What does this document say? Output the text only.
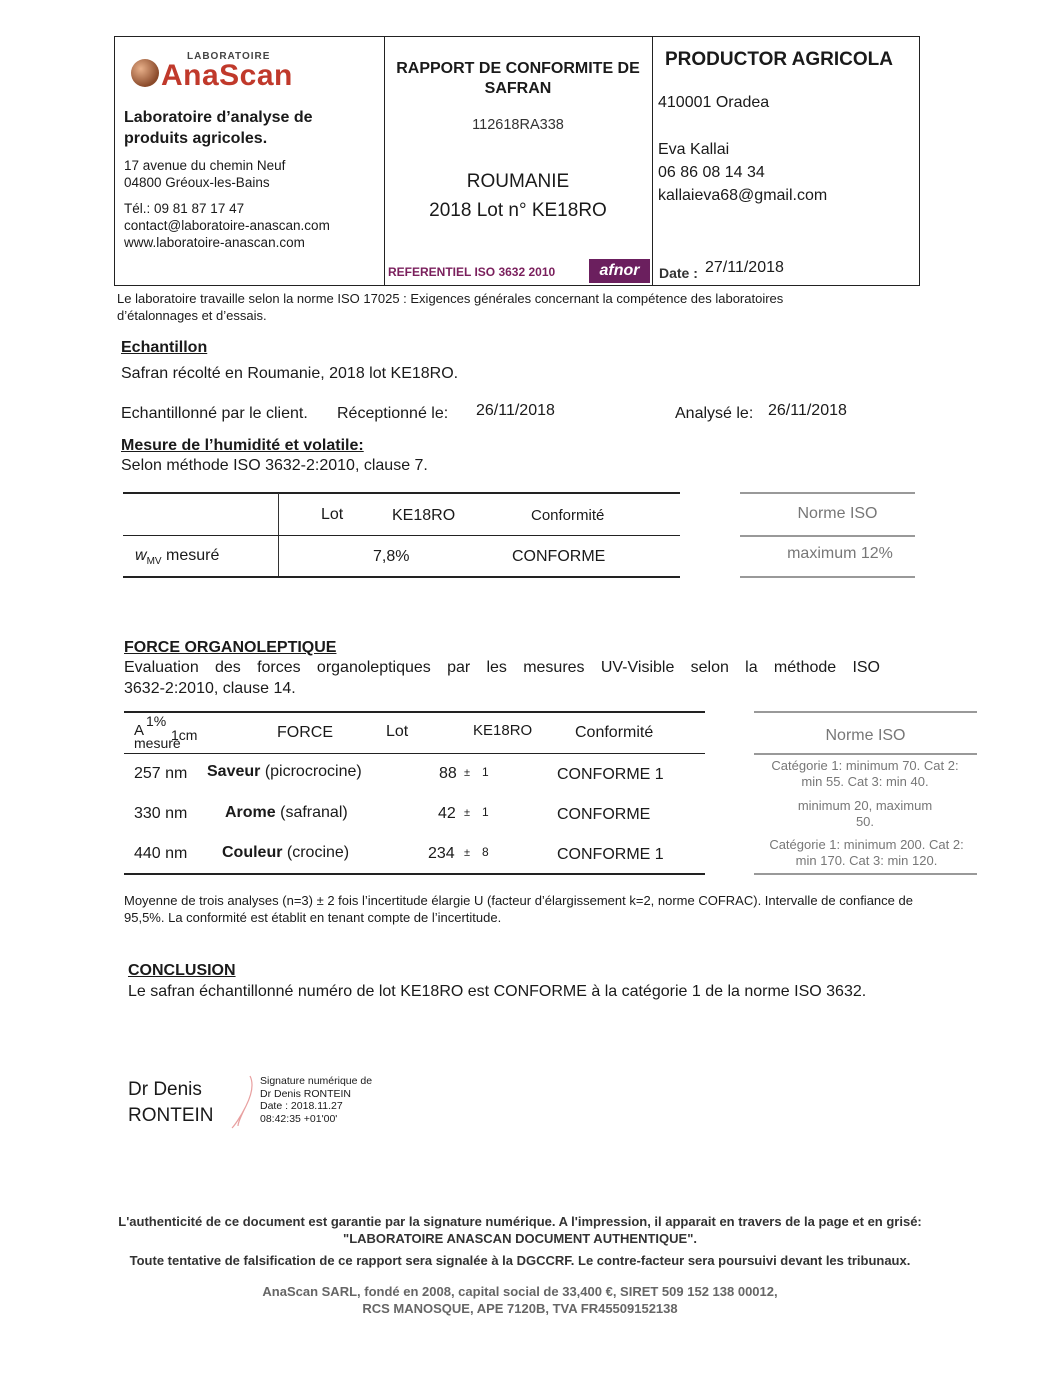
LABORATOIRE
AnaScan
Laboratoire d’analyse de produits agricoles.
17 avenue du chemin Neuf
04800 Gréoux-les-Bains
Tél.: 09 81 87 17 47
contact@laboratoire-anascan.com
www.laboratoire-anascan.com
RAPPORT DE CONFORMITE DE SAFRAN
112618RA338
ROUMANIE
2018 Lot n° KE18RO
REFERENTIEL ISO 3632 2010	afnor
PRODUCTOR AGRICOLA
410001 Oradea
Eva Kallai
06 86 08 14 34
kallaieva68@gmail.com
Date : 27/11/2018
Le laboratoire travaille selon la norme ISO 17025 : Exigences générales concernant la compétence des laboratoires d’étalonnages et d’essais.
Echantillon
Safran récolté en Roumanie, 2018 lot KE18RO.
Echantillonné par le client. Réceptionné le: 26/11/2018	Analysé le: 26/11/2018
Mesure de l’humidité et volatile:
Selon méthode ISO 3632-2:2010, clause 7.
Lot	KE18RO	Conformité
$w_{MV}$ mesuré	7,8%	CONFORME
Norme ISO
maximum 12%
FORCE ORGANOLEPTIQUE
Evaluation des forces organoleptiques par les mesures UV-Visible selon la méthode ISO
3632-2:2010, clause 14.
A
1%
1cm
mesure
FORCE	Lot	KE18RO	Conformité
257 nm Saveur (picrocrocine)	88 ± 1	CONFORME 1
330 nm Arome (safranal)	42 ± 1	CONFORME
440 nm Couleur (crocine)	234 ± 8	CONFORME 1
Norme ISO
Catégorie 1: minimum 70. Cat 2: min 55. Cat 3: min 40.
minimum 20, maximum 50.
Catégorie 1: minimum 200. Cat 2: min 170. Cat 3: min 120.
Moyenne de trois analyses (n=3) ± 2 fois l’incertitude élargie U (facteur d’élargissement k=2, norme COFRAC). Intervalle de confiance de 95,5%. La conformité est établit en tenant compte de l’incertitude.
CONCLUSION
Le safran échantillonné numéro de lot KE18RO est CONFORME à la catégorie 1 de la norme ISO 3632.
Dr Denis
RONTEIN
Signature numérique de
Dr Denis RONTEIN
Date : 2018.11.27
08:42:35 +01'00'
L'authenticité de ce document est garantie par la signature numérique. A l'impression, il apparait en travers de la page et en grisé:
"LABORATOIRE ANASCAN DOCUMENT AUTHENTIQUE".
Toute tentative de falsification de ce rapport sera signalée à la DGCCRF. Le contre-facteur sera poursuivi devant les tribunaux.
AnaScan SARL, fondé en 2008, capital social de 33,400 €, SIRET 509 152 138 00012,
RCS MANOSQUE, APE 7120B, TVA FR45509152138
